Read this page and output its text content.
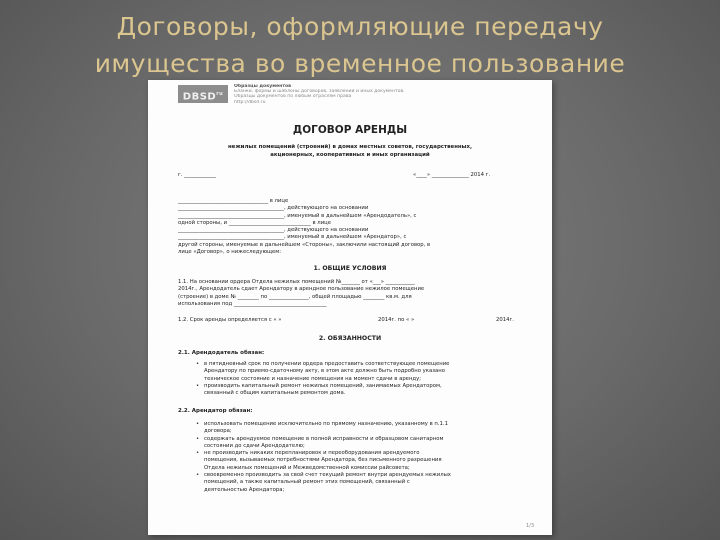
Договоры, оформляющие передачу
имущества во временное пользование
$DBSD^{ru}$
Образцы документов
Бланки, формы и шаблоны договоров, заявлений и иных документов.
Образцы документов по любым отраслям права
http://dbsd.ru
ДОГОВОР АРЕНДЫ
нежилых помещений (строений) в домах местных советов, государственных,
акционерных, кооперативных и иных организаций
г. ____________	«____» ______________ 2014 г.
__________________________________ в лице
________________________________________, действующего на основании
________________________________________, именуемый в дальнейшем «Арендодатель», с
одной стороны, и _______________________________ в лице
________________________________________, действующего на основании
________________________________________, именуемый в дальнейшем «Арендатор», с
другой стороны, именуемые в дальнейшем «Стороны», заключили настоящий договор, в
лице «Договор», о нижеследующем:
1. ОБЩИЕ УСЛОВИЯ
1.1. На основании ордера Отдела нежилых помещений №_______ от «___» ___________
2014г., Арендодатель сдает Арендатору в арендное пользование нежилое помещение
(строение) в доме № ________ по _______________, общей площадью ________ кв.м. для
использования под ___________________________________
1.2. Срок аренды определяется с « »	2014г. по « »	2014г.
2. ОБЯЗАННОСТИ
2.1. Арендодатель обязан:
• в пятидневный срок по получении ордера предоставить соответствующее помещение
Арендатору по приемо-сдаточному акту, в этом акте должно быть подробно указано
техническое состояние и назначение помещения на момент сдачи в аренду;
• производить капитальный ремонт нежилых помещений, занимаемых Арендатором,
связанный с общим капитальным ремонтом дома.
2.2. Арендатор обязан:
• использовать помещение исключительно по прямому назначению, указанному в п.1.1
договора;
• содержать арендуемое помещение в полной исправности и образцовом санитарном
состоянии до сдачи Арендодателю;
• не производить никаких перепланировок и переоборудования арендуемого
помещения, вызываемых потребностями Арендатора, без письменного разрешения
Отдела нежилых помещений и Межведомственной комиссии райсовета;
• своевременно производить за свой счет текущий ремонт внутри арендуемых нежилых
помещений, а также капитальный ремонт этих помещений, связанный с
деятельностью Арендатора;
1/3
